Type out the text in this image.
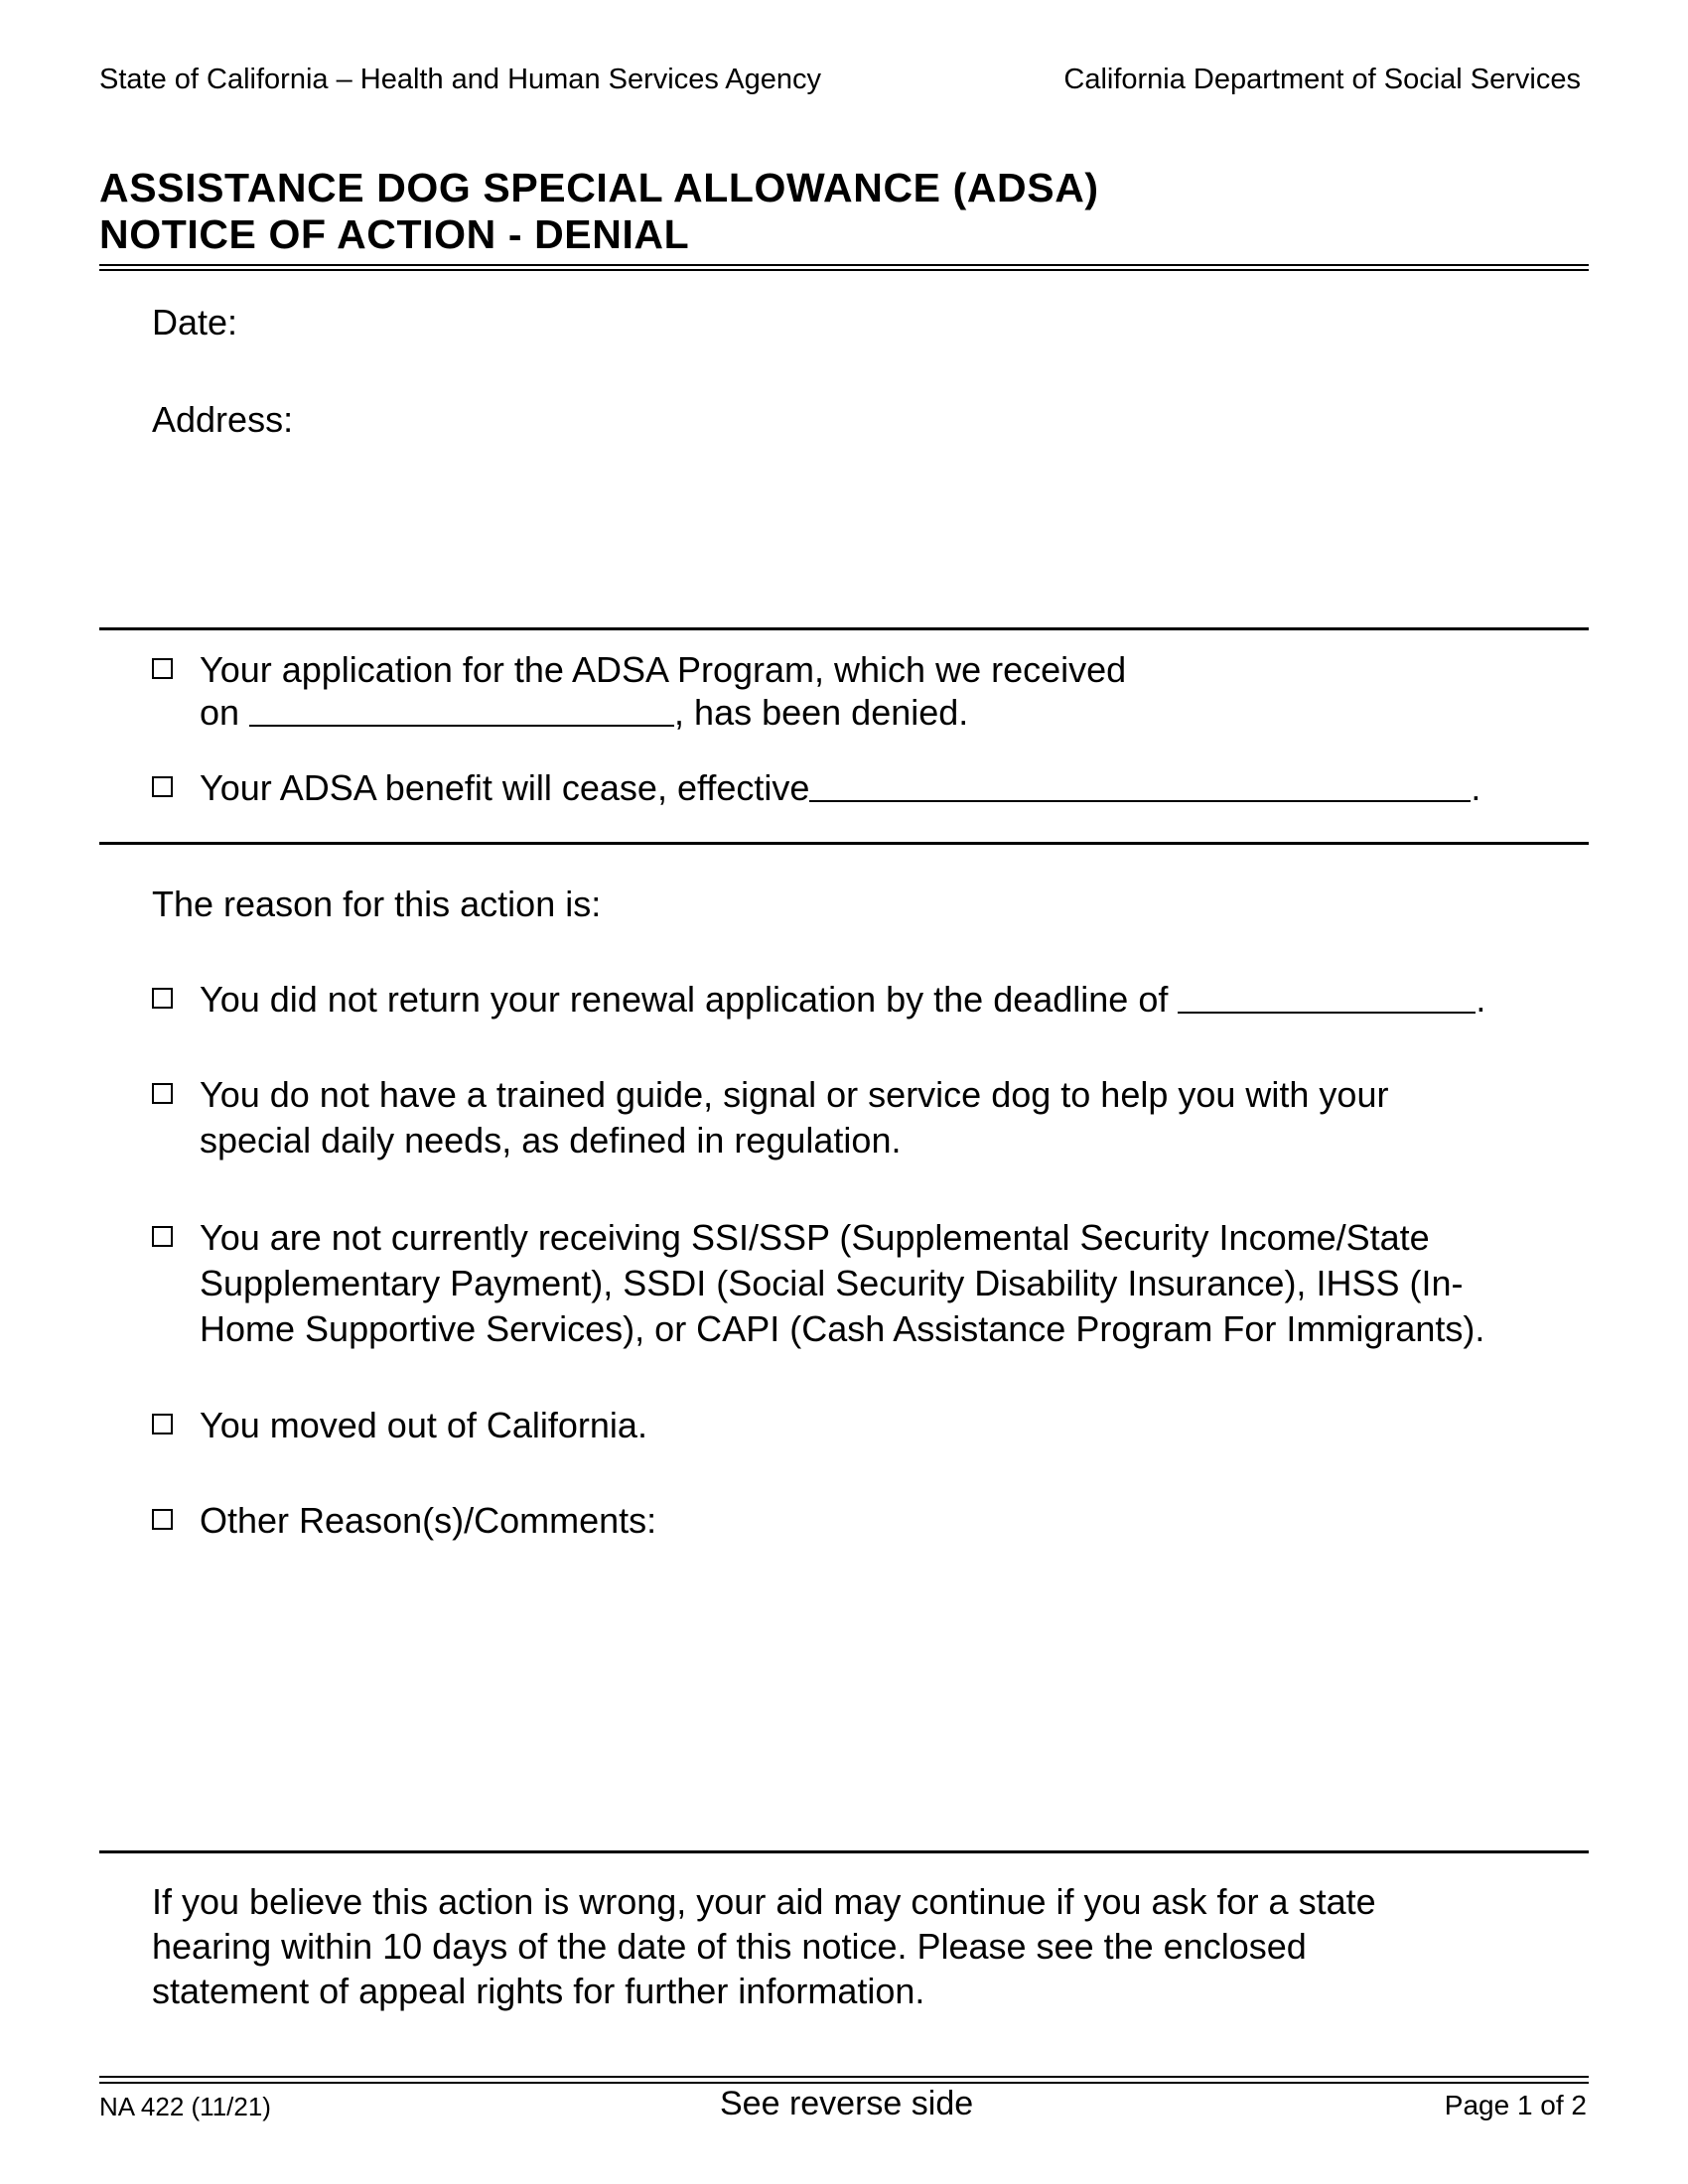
State of California – Health and Human Services Agency	California Department of Social Services
ASSISTANCE DOG SPECIAL ALLOWANCE (ADSA)
NOTICE OF ACTION - DENIAL
Date:
Address:
Your application for the ADSA Program, which we received
on	, has been denied.
Your ADSA benefit will cease, effective	.
The reason for this action is:
You did not return your renewal application by the deadline of	.
You do not have a trained guide, signal or service dog to help you with your
special daily needs, as defined in regulation.
You are not currently receiving SSI/SSP (Supplemental Security Income/State
Supplementary Payment), SSDI (Social Security Disability Insurance), IHSS (In-
Home Supportive Services), or CAPI (Cash Assistance Program For Immigrants).
You moved out of California.
Other Reason(s)/Comments:
If you believe this action is wrong, your aid may continue if you ask for a state
hearing within 10 days of the date of this notice. Please see the enclosed
statement of appeal rights for further information.
NA 422 (11/21)	See reverse side	Page 1 of 2
